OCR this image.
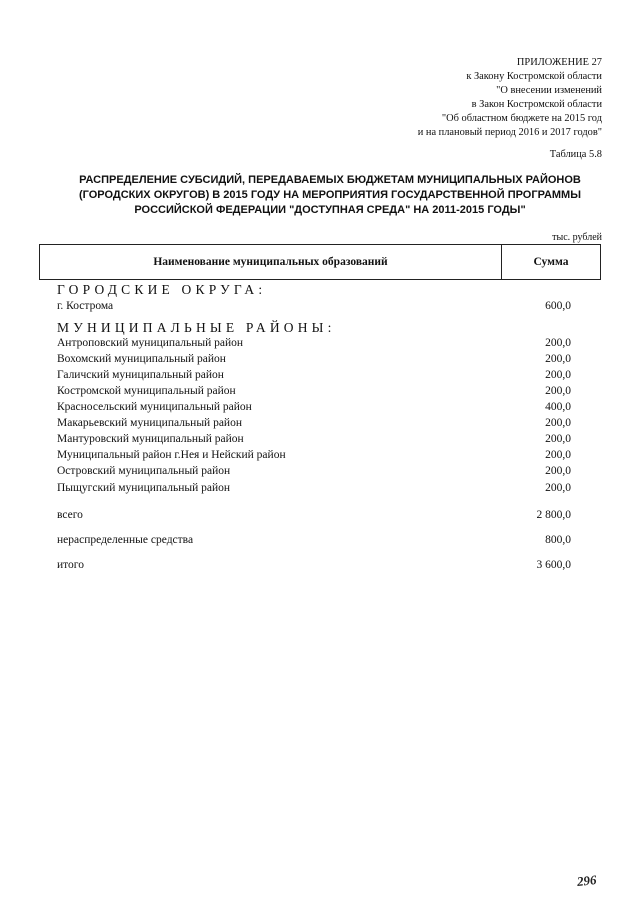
ПРИЛОЖЕНИЕ 27
к Закону Костромской области
"О внесении изменений
в Закон Костромской области
"Об областном бюджете на 2015 год
и на плановый период 2016 и 2017 годов"
Таблица 5.8
РАСПРЕДЕЛЕНИЕ СУБСИДИЙ, ПЕРЕДАВАЕМЫХ БЮДЖЕТАМ МУНИЦИПАЛЬНЫХ РАЙОНОВ
(ГОРОДСКИХ ОКРУГОВ) В 2015 ГОДУ НА МЕРОПРИЯТИЯ ГОСУДАРСТВЕННОЙ ПРОГРАММЫ
РОССИЙСКОЙ ФЕДЕРАЦИИ "ДОСТУПНАЯ СРЕДА" НА 2011-2015 ГОДЫ"
тыс. рублей
Наименование муниципальных образований	Сумма
ГОРОДСКИЕ ОКРУГА:
г. Кострома	600,0
МУНИЦИПАЛЬНЫЕ РАЙОНЫ:
Антроповский муниципальный район	200,0
Вохомский муниципальный район	200,0
Галичский муниципальный район	200,0
Костромской муниципальный район	200,0
Красносельский муниципальный район	400,0
Макарьевский муниципальный район	200,0
Мантуровский муниципальный район	200,0
Муниципальный район г.Нея и Нейский район	200,0
Островский муниципальный район	200,0
Пыщугский муниципальный район	200,0
всего	2 800,0
нераспределенные средства	800,0
итого	3 600,0
296
